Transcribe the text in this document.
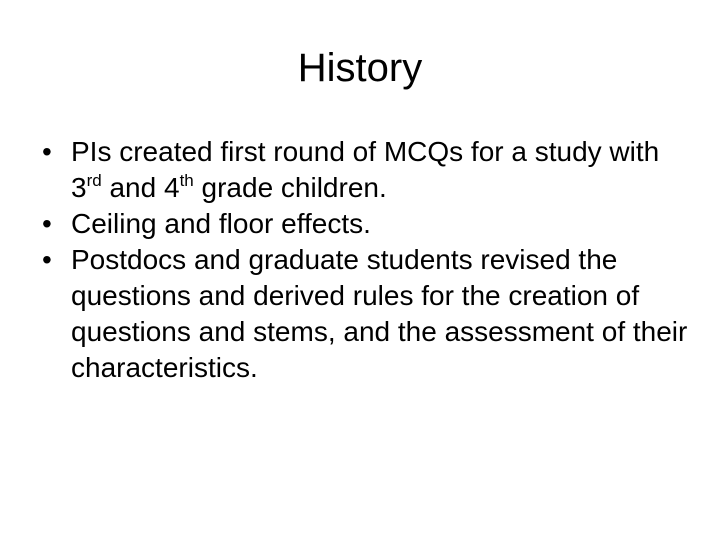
History
• PIs created first round of MCQs for a study with 3rd and 4th grade children.
• Ceiling and floor effects.
• Postdocs and graduate students revised the questions and derived rules for the creation of questions and stems, and the assessment of their characteristics.
